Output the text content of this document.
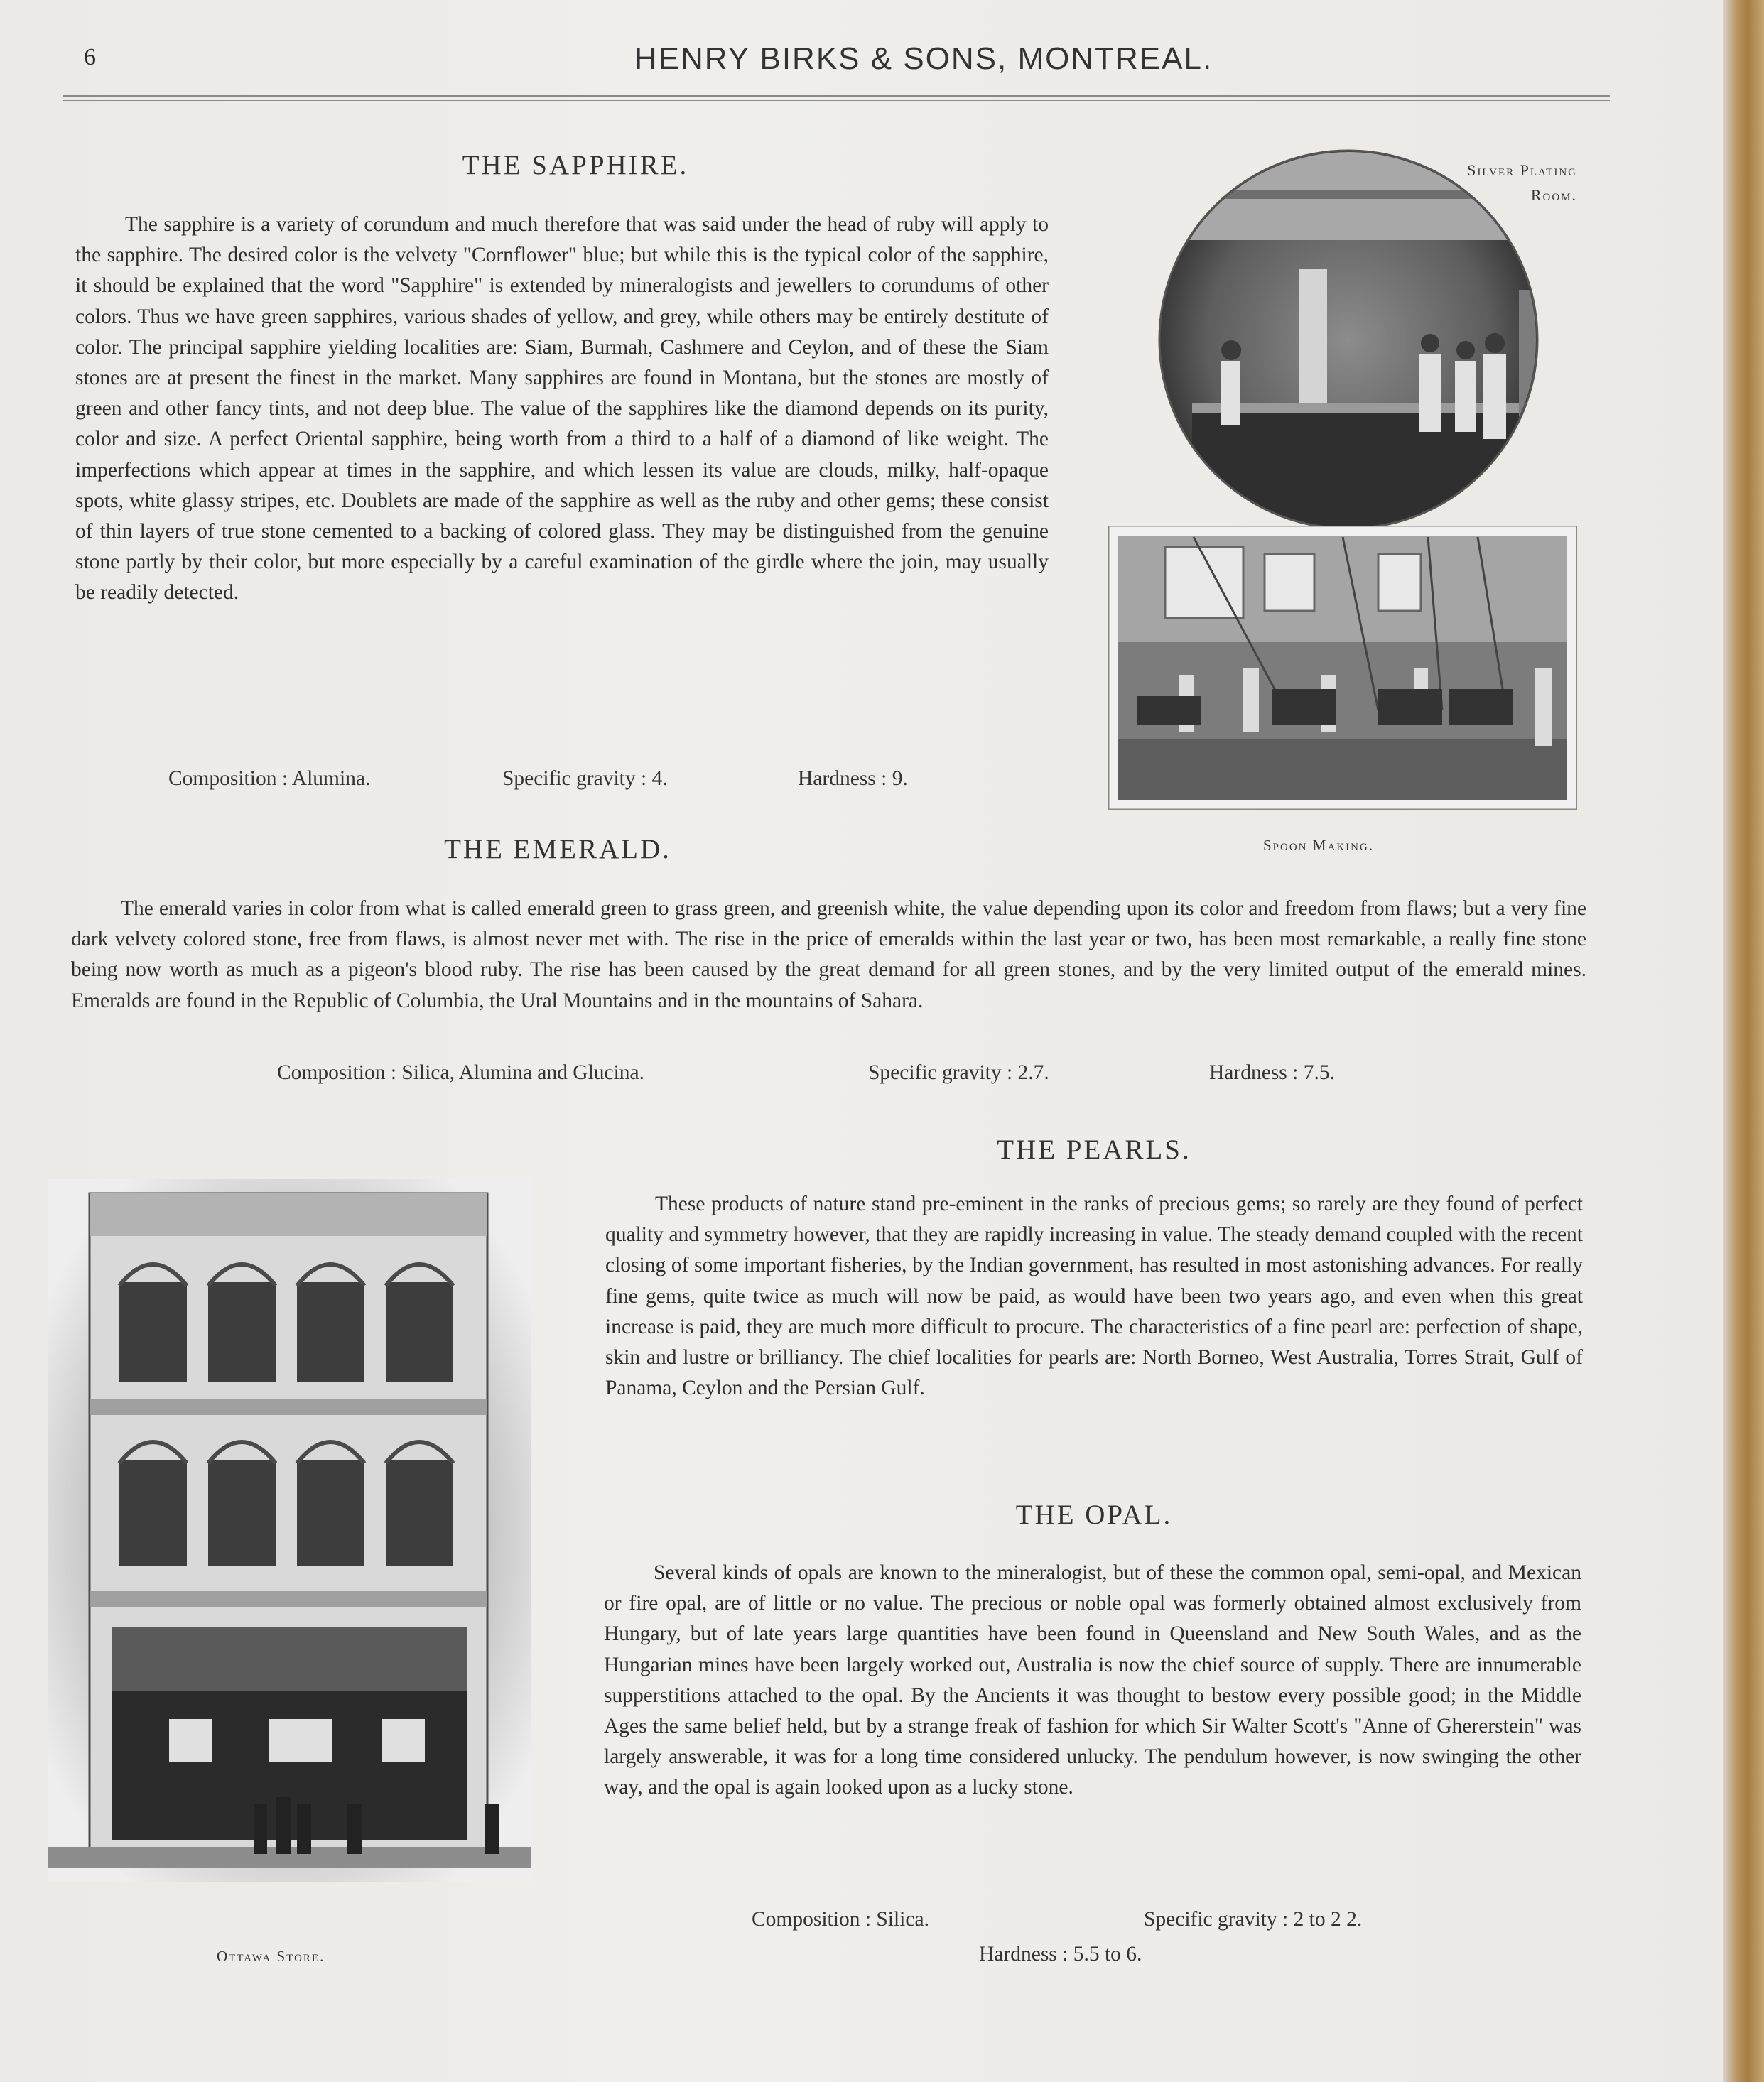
6	HENRY BIRKS & SONS, MONTREAL.
THE SAPPHIRE.
The sapphire is a variety of corundum and much therefore that was said under the head of ruby will apply to the sapphire. The desired color is the velvety "Cornflower" blue; but while this is the typical color of the sapphire, it should be explained that the word "Sapphire" is extended by mineralogists and jewellers to corundums of other colors. Thus we have green sapphires, various shades of yellow, and grey, while others may be entirely destitute of color. The principal sapphire yielding localities are: Siam, Burmah, Cashmere and Ceylon, and of these the Siam stones are at present the finest in the market. Many sapphires are found in Montana, but the stones are mostly of green and other fancy tints, and not deep blue. The value of the sapphires like the diamond depends on its purity, color and size. A perfect Oriental sapphire, being worth from a third to a half of a diamond of like weight. The imperfections which appear at times in the sapphire, and which lessen its value are clouds, milky, half-opaque spots, white glassy stripes, etc. Doublets are made of the sapphire as well as the ruby and other gems; these consist of thin layers of true stone cemented to a backing of colored glass. They may be distinguished from the genuine stone partly by their color, but more especially by a careful examination of the girdle where the join, may usually be readily detected.
Composition : Alumina.	Specific gravity : 4.	Hardness : 9.
Silver Plating Room.
Spoon Making.
THE EMERALD.
The emerald varies in color from what is called emerald green to grass green, and greenish white, the value depending upon its color and freedom from flaws; but a very fine dark velvety colored stone, free from flaws, is almost never met with. The rise in the price of emeralds within the last year or two, has been most remarkable, a really fine stone being now worth as much as a pigeon's blood ruby. The rise has been caused by the great demand for all green stones, and by the very limited output of the emerald mines. Emeralds are found in the Republic of Columbia, the Ural Mountains and in the mountains of Sahara.
Composition : Silica, Alumina and Glucina.	Specific gravity : 2.7.	Hardness : 7.5.
Ottawa Store.
THE PEARLS.
These products of nature stand pre-eminent in the ranks of precious gems; so rarely are they found of perfect quality and symmetry however, that they are rapidly increasing in value. The steady demand coupled with the recent closing of some important fisheries, by the Indian government, has resulted in most astonishing advances. For really fine gems, quite twice as much will now be paid, as would have been two years ago, and even when this great increase is paid, they are much more difficult to procure. The characteristics of a fine pearl are: perfection of shape, skin and lustre or brilliancy. The chief localities for pearls are: North Borneo, West Australia, Torres Strait, Gulf of Panama, Ceylon and the Persian Gulf.
THE OPAL.
Several kinds of opals are known to the mineralogist, but of these the common opal, semi-opal, and Mexican or fire opal, are of little or no value. The precious or noble opal was formerly obtained almost exclusively from Hungary, but of late years large quantities have been found in Queensland and New South Wales, and as the Hungarian mines have been largely worked out, Australia is now the chief source of supply. There are innumerable supperstitions attached to the opal. By the Ancients it was thought to bestow every possible good; in the Middle Ages the same belief held, but by a strange freak of fashion for which Sir Walter Scott's "Anne of Ghererstein" was largely answerable, it was for a long time considered unlucky. The pendulum however, is now swinging the other way, and the opal is again looked upon as a lucky stone.
Composition : Silica.	Specific gravity : 2 to 2 2.
Hardness : 5.5 to 6.
